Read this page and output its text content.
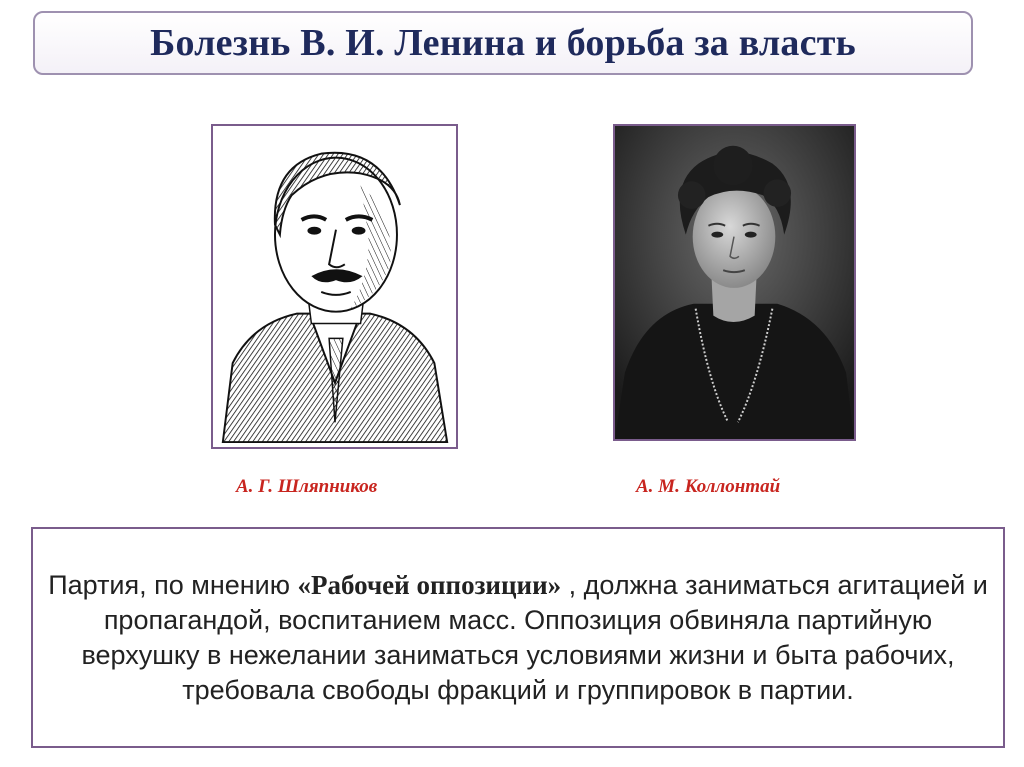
Болезнь В. И. Ленина и борьба за власть
А. Г. Шляпников	А. М. Коллонтай
Партия, по мнению «Рабочей оппозиции» , должна заниматься агитацией и пропагандой, воспитанием масс. Оппозиция обвиняла партийную верхушку в нежелании заниматься условиями жизни и быта рабочих, требовала свободы фракций и группировок в партии.
